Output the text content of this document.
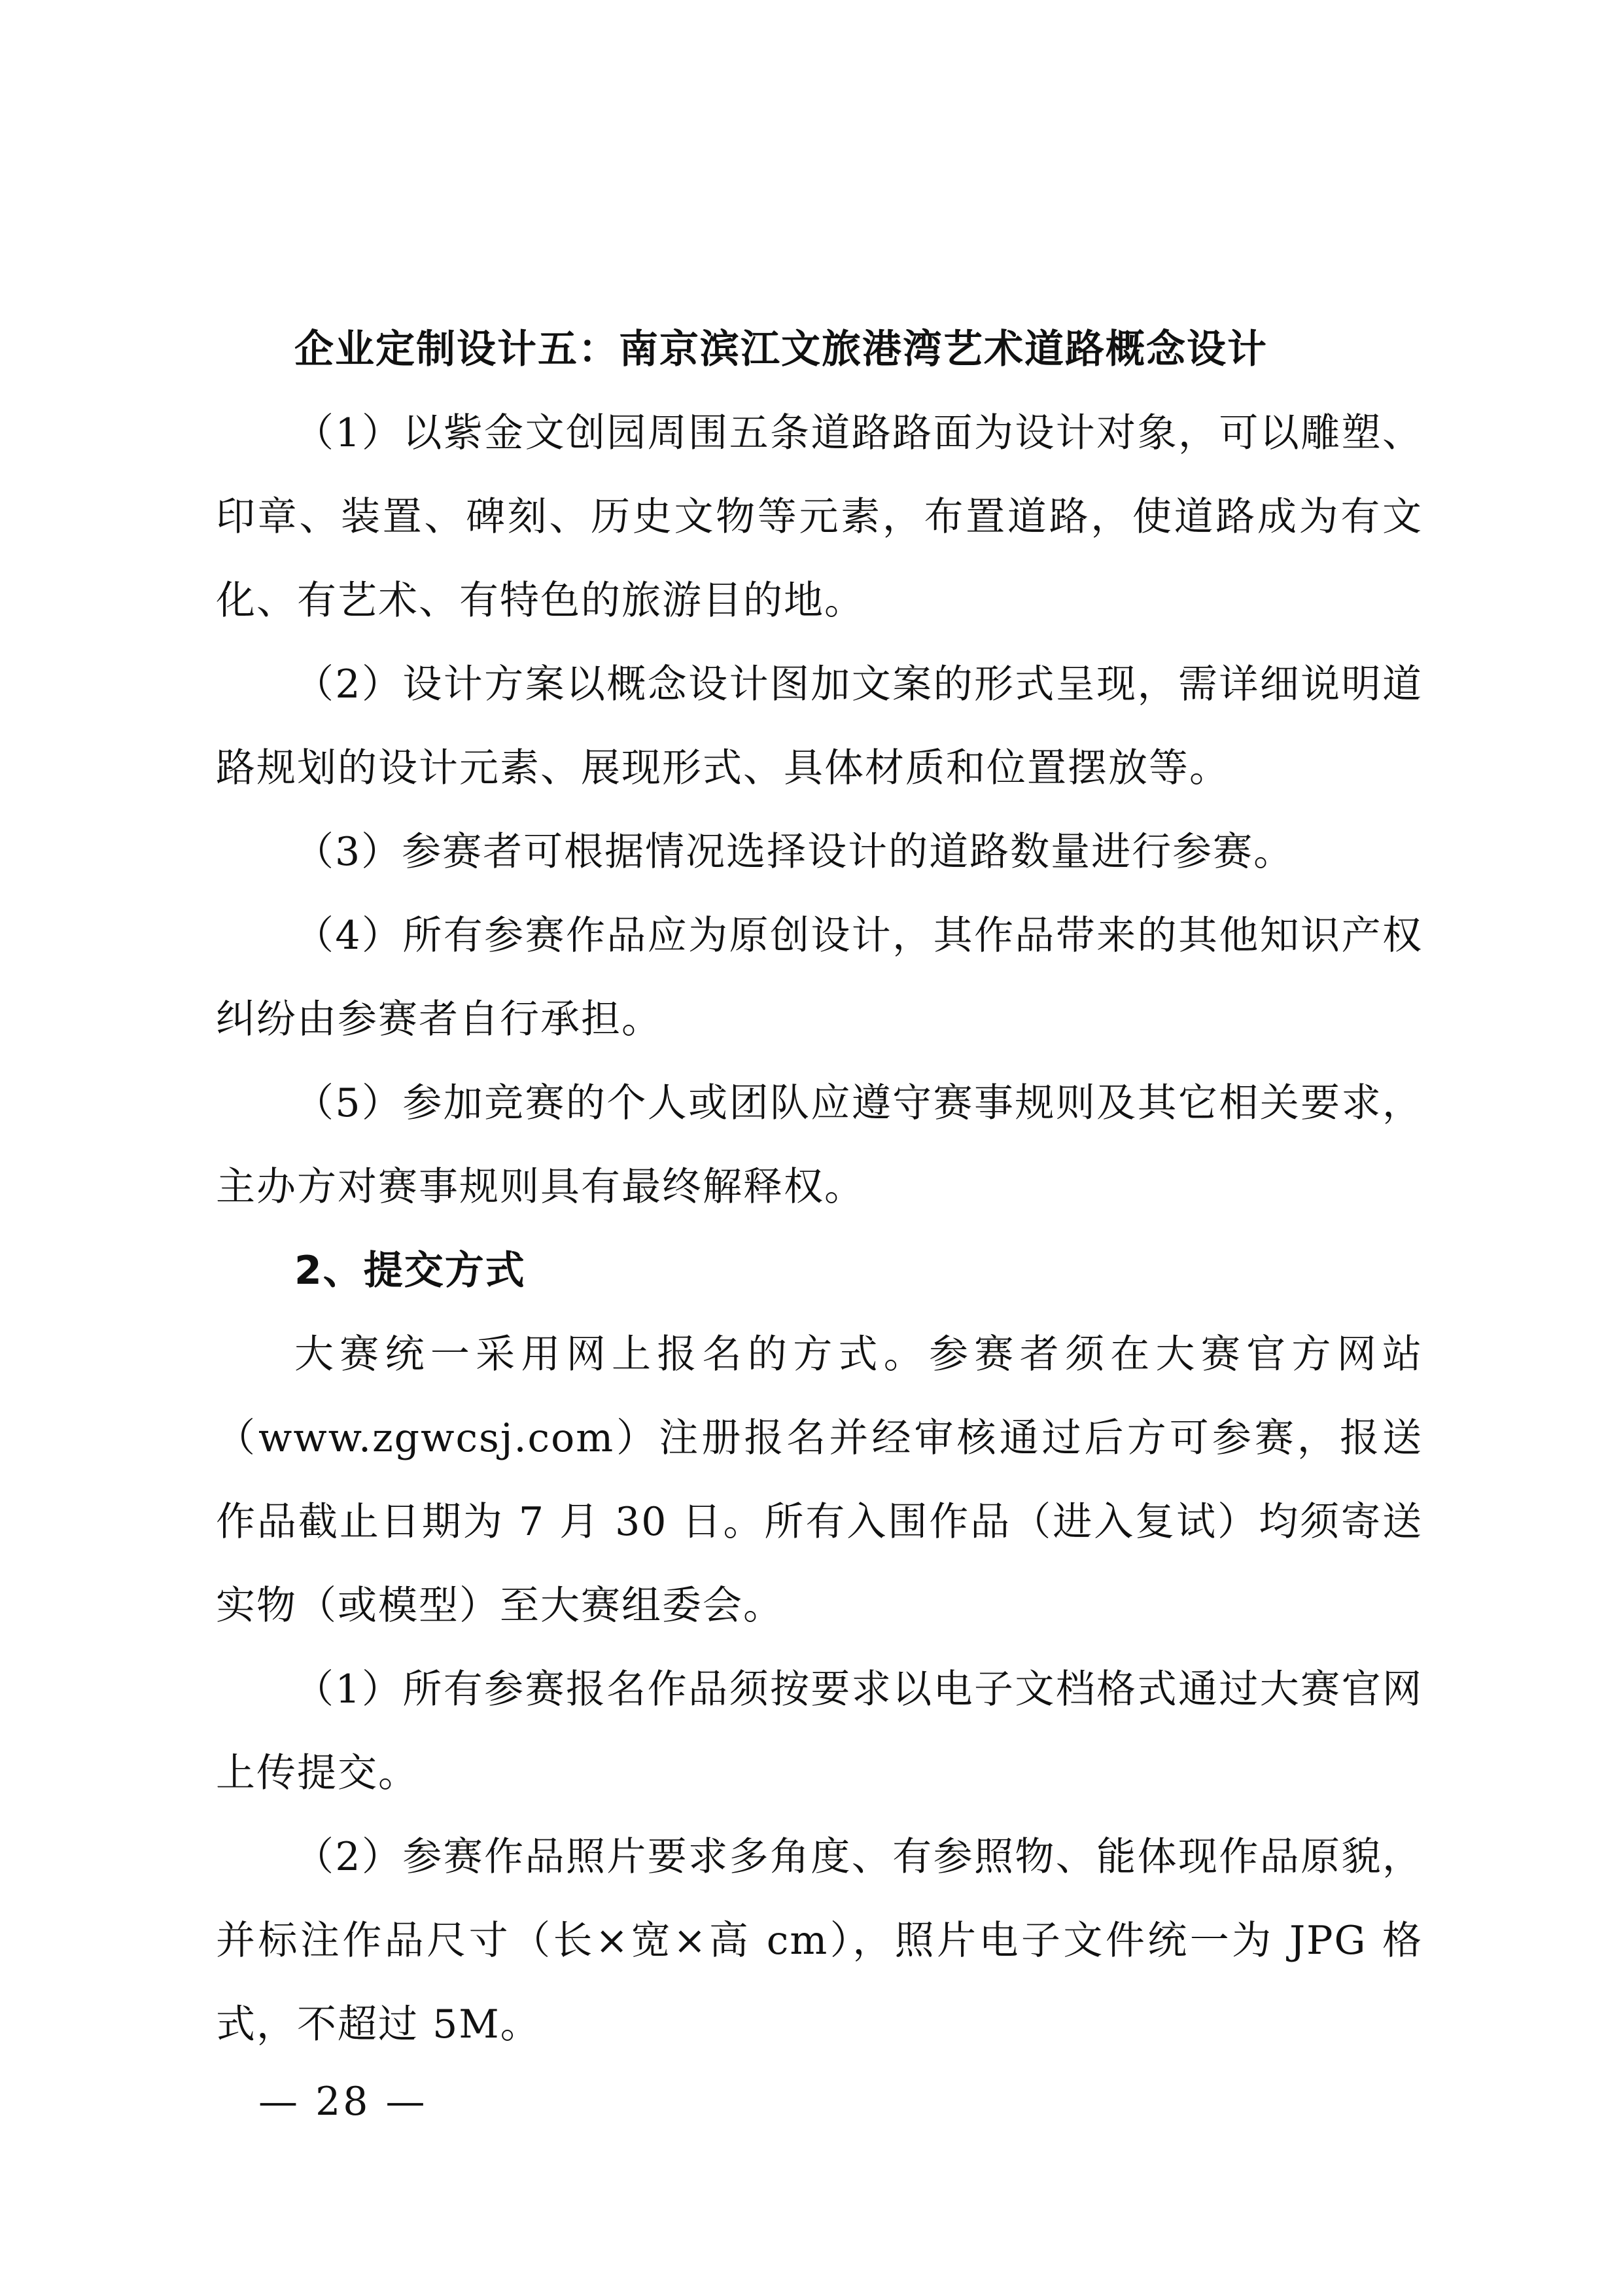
企业定制设计五：南京滨江文旅港湾艺术道路概念设计

（1）以紫金文创园周围五条道路路面为设计对象，可以雕塑、印章、装置、碑刻、历史文物等元素，布置道路，使道路成为有文化、有艺术、有特色的旅游目的地。

（2）设计方案以概念设计图加文案的形式呈现，需详细说明道路规划的设计元素、展现形式、具体材质和位置摆放等。

（3）参赛者可根据情况选择设计的道路数量进行参赛。

（4）所有参赛作品应为原创设计，其作品带来的其他知识产权纠纷由参赛者自行承担。

（5）参加竞赛的个人或团队应遵守赛事规则及其它相关要求，主办方对赛事规则具有最终解释权。

2、提交方式

大赛统一采用网上报名的方式。参赛者须在大赛官方网站（www.zgwcsj.com）注册报名并经审核通过后方可参赛，报送作品截止日期为 7 月 30 日。所有入围作品（进入复试）均须寄送实物（或模型）至大赛组委会。

（1）所有参赛报名作品须按要求以电子文档格式通过大赛官网上传提交。

（2）参赛作品照片要求多角度、有参照物、能体现作品原貌，并标注作品尺寸（长×宽×高 cm），照片电子文件统一为 JPG 格式，不超过 5M。

— 28 —
